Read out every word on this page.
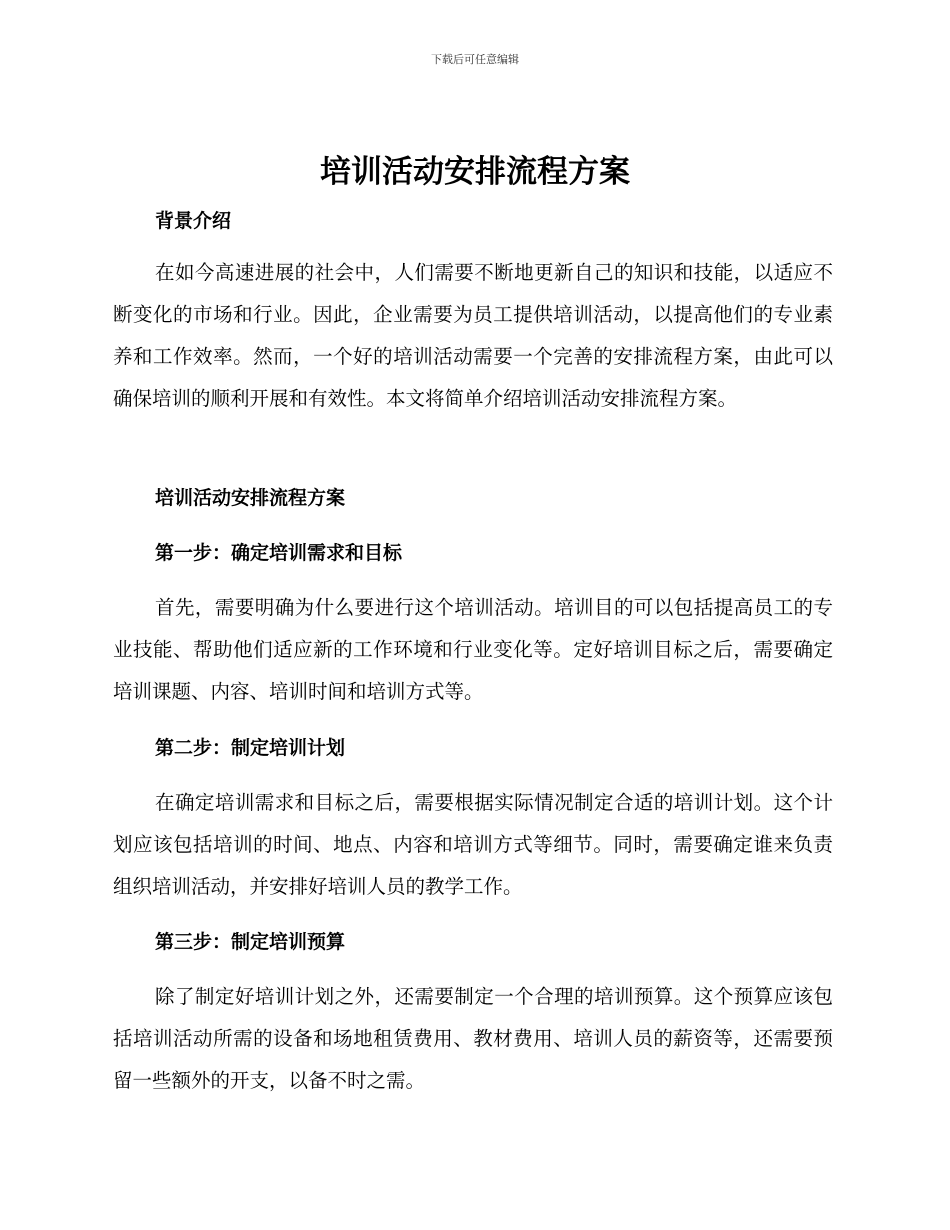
下载后可任意编辑
培训活动安排流程方案
背景介绍

在如今高速进展的社会中，人们需要不断地更新自己的知识和技能，以适应不断变化的市场和行业。因此，企业需要为员工提供培训活动，以提高他们的专业素养和工作效率。然而，一个好的培训活动需要一个完善的安排流程方案，由此可以确保培训的顺利开展和有效性。本文将简单介绍培训活动安排流程方案。

培训活动安排流程方案
第一步：确定培训需求和目标

首先，需要明确为什么要进行这个培训活动。培训目的可以包括提高员工的专业技能、帮助他们适应新的工作环境和行业变化等。定好培训目标之后，需要确定培训课题、内容、培训时间和培训方式等。

第二步：制定培训计划

在确定培训需求和目标之后，需要根据实际情况制定合适的培训计划。这个计划应该包括培训的时间、地点、内容和培训方式等细节。同时，需要确定谁来负责组织培训活动，并安排好培训人员的教学工作。

第三步：制定培训预算

除了制定好培训计划之外，还需要制定一个合理的培训预算。这个预算应该包括培训活动所需的设备和场地租赁费用、教材费用、培训人员的薪资等，还需要预留一些额外的开支，以备不时之需。
